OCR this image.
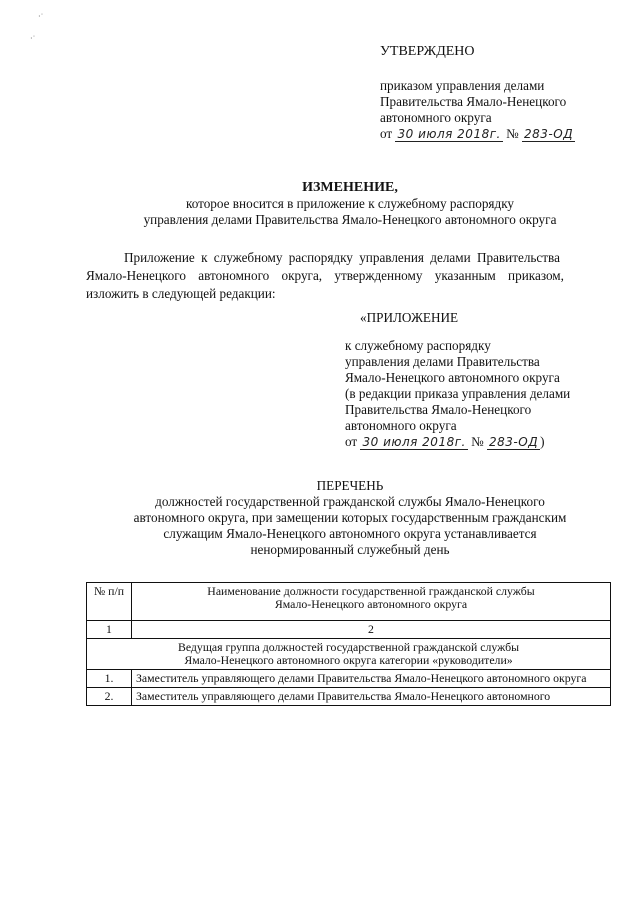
·˙
·˙
УТВЕРЖДЕНО
приказом управления делами
Правительства Ямало-Ненецкого
автономного округа
от 30 июля 2018г. № 283-ОД
ИЗМЕНЕНИЕ,
которое вносится в приложение к служебному распорядку
управления делами Правительства Ямало-Ненецкого автономного округа
Приложение к служебному распорядку управления делами Правительства
Ямало-Ненецкого автономного округа, утвержденному указанным приказом,
изложить в следующей редакции:
«ПРИЛОЖЕНИЕ
к служебному распорядку
управления делами Правительства
Ямало-Ненецкого автономного округа
(в редакции приказа управления делами
Правительства Ямало-Ненецкого
автономного округа
от 30 июля 2018г. № 283-ОД )
ПЕРЕЧЕНЬ
должностей государственной гражданской службы Ямало-Ненецкого
автономного округа, при замещении которых государственным гражданским
служащим Ямало-Ненецкого автономного округа устанавливается
ненормированный служебный день
№ п/п	Наименование должности государственной гражданской службы
Ямало-Ненецкого автономного округа

1	2

Ведущая группа должностей государственной гражданской службы
Ямало-Ненецкого автономного округа категории «руководители»	

1.	Заместитель управляющего делами Правительства Ямало-Ненецкого автономного округа
2.	Заместитель управляющего делами Правительства Ямало-Ненецкого автономного
